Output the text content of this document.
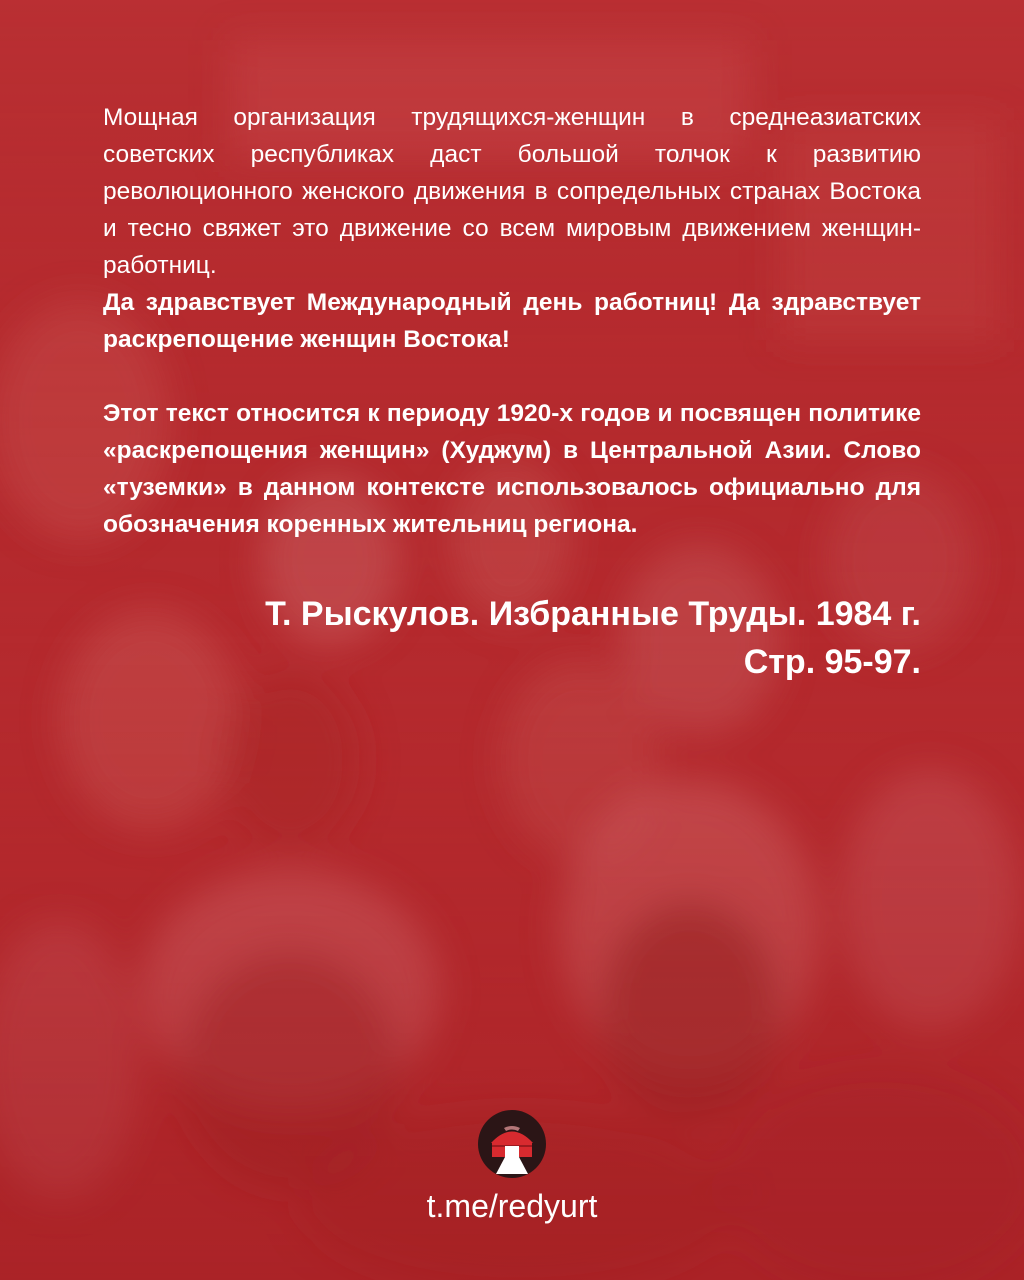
Мощная организация трудящихся-женщин в среднеазиатских советских республиках даст большой толчок к развитию революционного женского движения в сопредельных странах Востока и тесно свяжет это движение со всем мировым движением женщин-работниц.

Да здравствует Международный день работниц! Да здравствует раскрепощение женщин Востока!

Этот текст относится к периоду 1920-х годов и посвящен политике «раскрепощения женщин» (Худжум) в Центральной Азии. Слово «туземки» в данном контексте использовалось официально для обозначения коренных жительниц региона.

Т. Рыскулов. Избранные Труды. 1984 г.
Стр. 95-97.
t.me/redyurt
